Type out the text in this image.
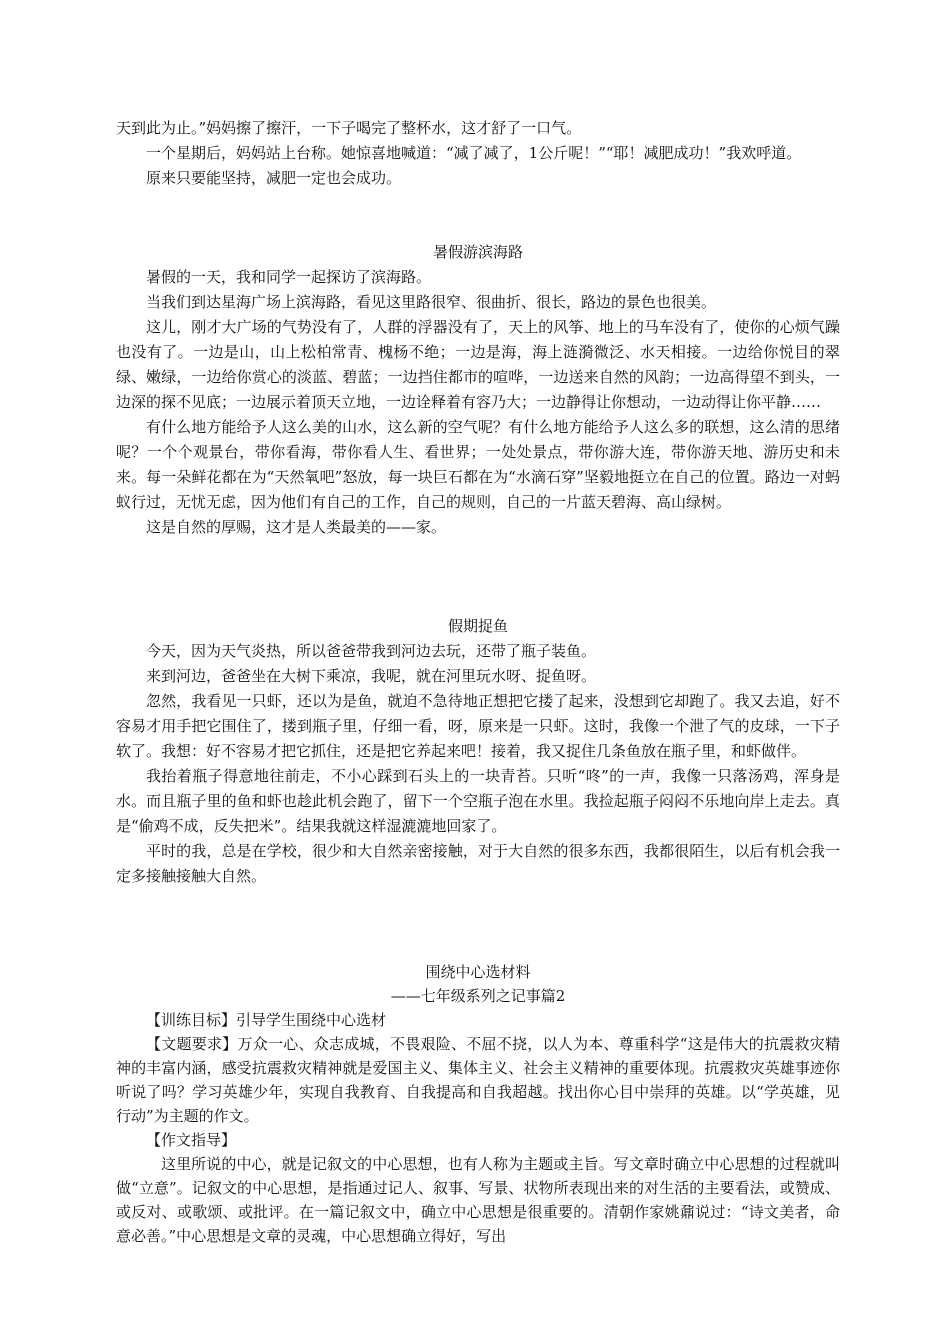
天到此为止。”妈妈擦了擦汗，一下子喝完了整杯水，这才舒了一口气。

一个星期后，妈妈站上台称。她惊喜地喊道：“减了减了，1公斤呢！”“耶！减肥成功！”我欢呼道。

原来只要能坚持，减肥一定也会成功。

暑假游滨海路

暑假的一天，我和同学一起探访了滨海路。

当我们到达星海广场上滨海路，看见这里路很窄、很曲折、很长，路边的景色也很美。

这儿，刚才大广场的气势没有了，人群的浮器没有了，天上的风筝、地上的马车没有了，使你的心烦气躁也没有了。一边是山，山上松柏常青、槐杨不绝；一边是海，海上涟漪微泛、水天相接。一边给你悦目的翠绿、嫩绿，一边给你赏心的淡蓝、碧蓝；一边挡住都市的喧哗，一边送来自然的风韵；一边高得望不到头，一边深的探不见底；一边展示着顶天立地，一边诠释着有容乃大；一边静得让你想动，一边动得让你平静……

有什么地方能给予人这么美的山水，这么新的空气呢？有什么地方能给予人这么多的联想，这么清的思绪呢？一个个观景台，带你看海，带你看人生、看世界；一处处景点，带你游大连，带你游天地、游历史和未来。每一朵鲜花都在为“天然氧吧”怒放，每一块巨石都在为“水滴石穿”坚毅地挺立在自己的位置。路边一对蚂蚁行过，无忧无虑，因为他们有自己的工作，自己的规则，自己的一片蓝天碧海、高山绿树。

这是自然的厚赐，这才是人类最美的——家。

假期捉鱼

今天，因为天气炎热，所以爸爸带我到河边去玩，还带了瓶子装鱼。

来到河边，爸爸坐在大树下乘凉，我呢，就在河里玩水呀、捉鱼呀。

忽然，我看见一只虾，还以为是鱼，就迫不急待地正想把它搂了起来，没想到它却跑了。我又去追，好不容易才用手把它围住了，搂到瓶子里，仔细一看，呀，原来是一只虾。这时，我像一个泄了气的皮球，一下子软了。我想：好不容易才把它抓住，还是把它养起来吧！接着，我又捉住几条鱼放在瓶子里，和虾做伴。

我抬着瓶子得意地往前走，不小心踩到石头上的一块青苔。只听“咚”的一声，我像一只落汤鸡，浑身是水。而且瓶子里的鱼和虾也趁此机会跑了，留下一个空瓶子泡在水里。我捡起瓶子闷闷不乐地向岸上走去。真是“偷鸡不成，反失把米”。结果我就这样湿漉漉地回家了。

平时的我，总是在学校，很少和大自然亲密接触，对于大自然的很多东西，我都很陌生，以后有机会我一定多接触接触大自然。

围绕中心选材料

——七年级系列之记事篇2

【训练目标】引导学生围绕中心选材

【文题要求】万众一心、众志成城，不畏艰险、不屈不挠，以人为本、尊重科学“这是伟大的抗震救灾精神的丰富内涵，感受抗震救灾精神就是爱国主义、集体主义、社会主义精神的重要体现。抗震救灾英雄事迹你听说了吗？学习英雄少年，实现自我教育、自我提高和自我超越。找出你心目中崇拜的英雄。以“学英雄，见行动”为主题的作文。

【作文指导】

这里所说的中心，就是记叙文的中心思想，也有人称为主题或主旨。写文章时确立中心思想的过程就叫做“立意”。记叙文的中心思想，是指通过记人、叙事、写景、状物所表现出来的对生活的主要看法，或赞成、或反对、或歌颂、或批评。在一篇记叙文中，确立中心思想是很重要的。清朝作家姚鼐说过：“诗文美者，命意必善。”中心思想是文章的灵魂，中心思想确立得好，写出
